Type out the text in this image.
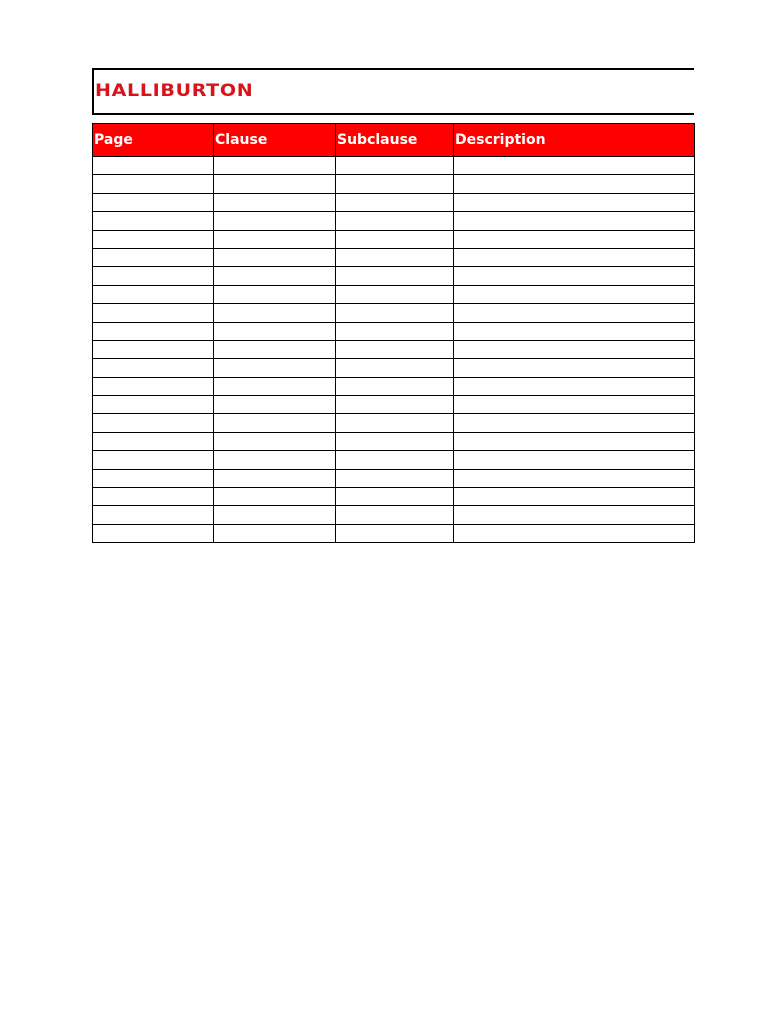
HALLIBURTON
Page	Clause	Subclause	Description
